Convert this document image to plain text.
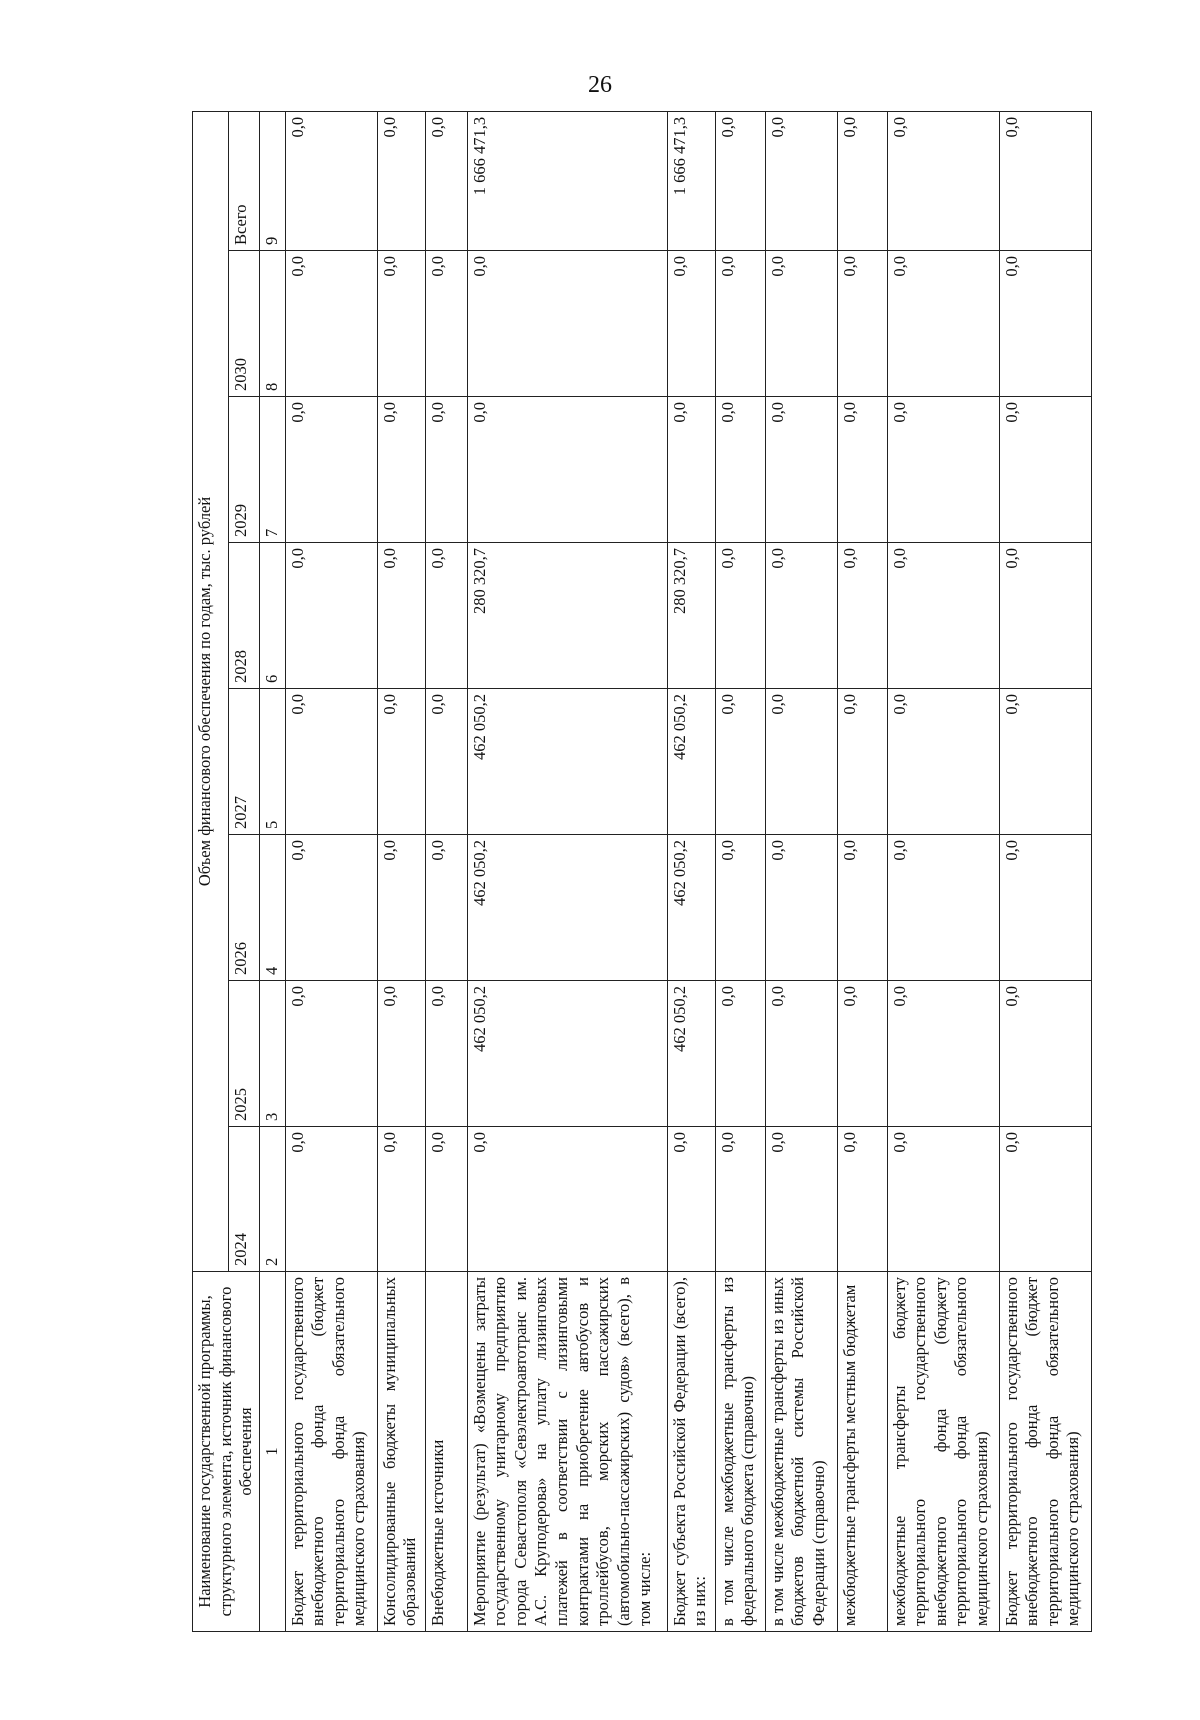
26
Наименование государственной программы, структурного элемента, источник финансового обеспечения	Объем финансового обеспечения по годам, тыс. рублей							
	2024	2025	2026	2027	2028	2029	2030	Всего
1	2	3	4	5	6	7	8	9
Бюджет территориального государственного внебюджетного фонда (бюджет территориального фонда обязательного медицинского страхования)	0,0	0,0	0,0	0,0	0,0	0,0	0,0	0,0
Консолидированные бюджеты муниципальных образований	0,0	0,0	0,0	0,0	0,0	0,0	0,0	0,0
Внебюджетные источники	0,0	0,0	0,0	0,0	0,0	0,0	0,0	0,0
Мероприятие (результат) «Возмещены затраты государственному унитарному предприятию города Севастополя «Севэлектроавтотранс им. А.С. Круподерова» на уплату лизинговых платежей в соответствии с лизинговыми контрактами на приобретение автобусов и троллейбусов, морских пассажирских (автомобильно-пассажирских) судов» (всего), в том числе:	0,0	462 050,2	462 050,2	462 050,2	280 320,7	0,0	0,0	1 666 471,3
Бюджет субъекта Российской Федерации (всего), из них:	0,0	462 050,2	462 050,2	462 050,2	280 320,7	0,0	0,0	1 666 471,3
в том числе межбюджетные трансферты из федерального бюджета (справочно)	0,0	0,0	0,0	0,0	0,0	0,0	0,0	0,0
в том числе межбюджетные трансферты из иных бюджетов бюджетной системы Российской Федерации (справочно)	0,0	0,0	0,0	0,0	0,0	0,0	0,0	0,0
межбюджетные трансферты местным бюджетам	0,0	0,0	0,0	0,0	0,0	0,0	0,0	0,0
межбюджетные трансферты бюджету территориального государственного внебюджетного фонда (бюджету территориального фонда обязательного медицинского страхования)	0,0	0,0	0,0	0,0	0,0	0,0	0,0	0,0
Бюджет территориального государственного внебюджетного фонда (бюджет территориального фонда обязательного медицинского страхования)	0,0	0,0	0,0	0,0	0,0	0,0	0,0	0,0
